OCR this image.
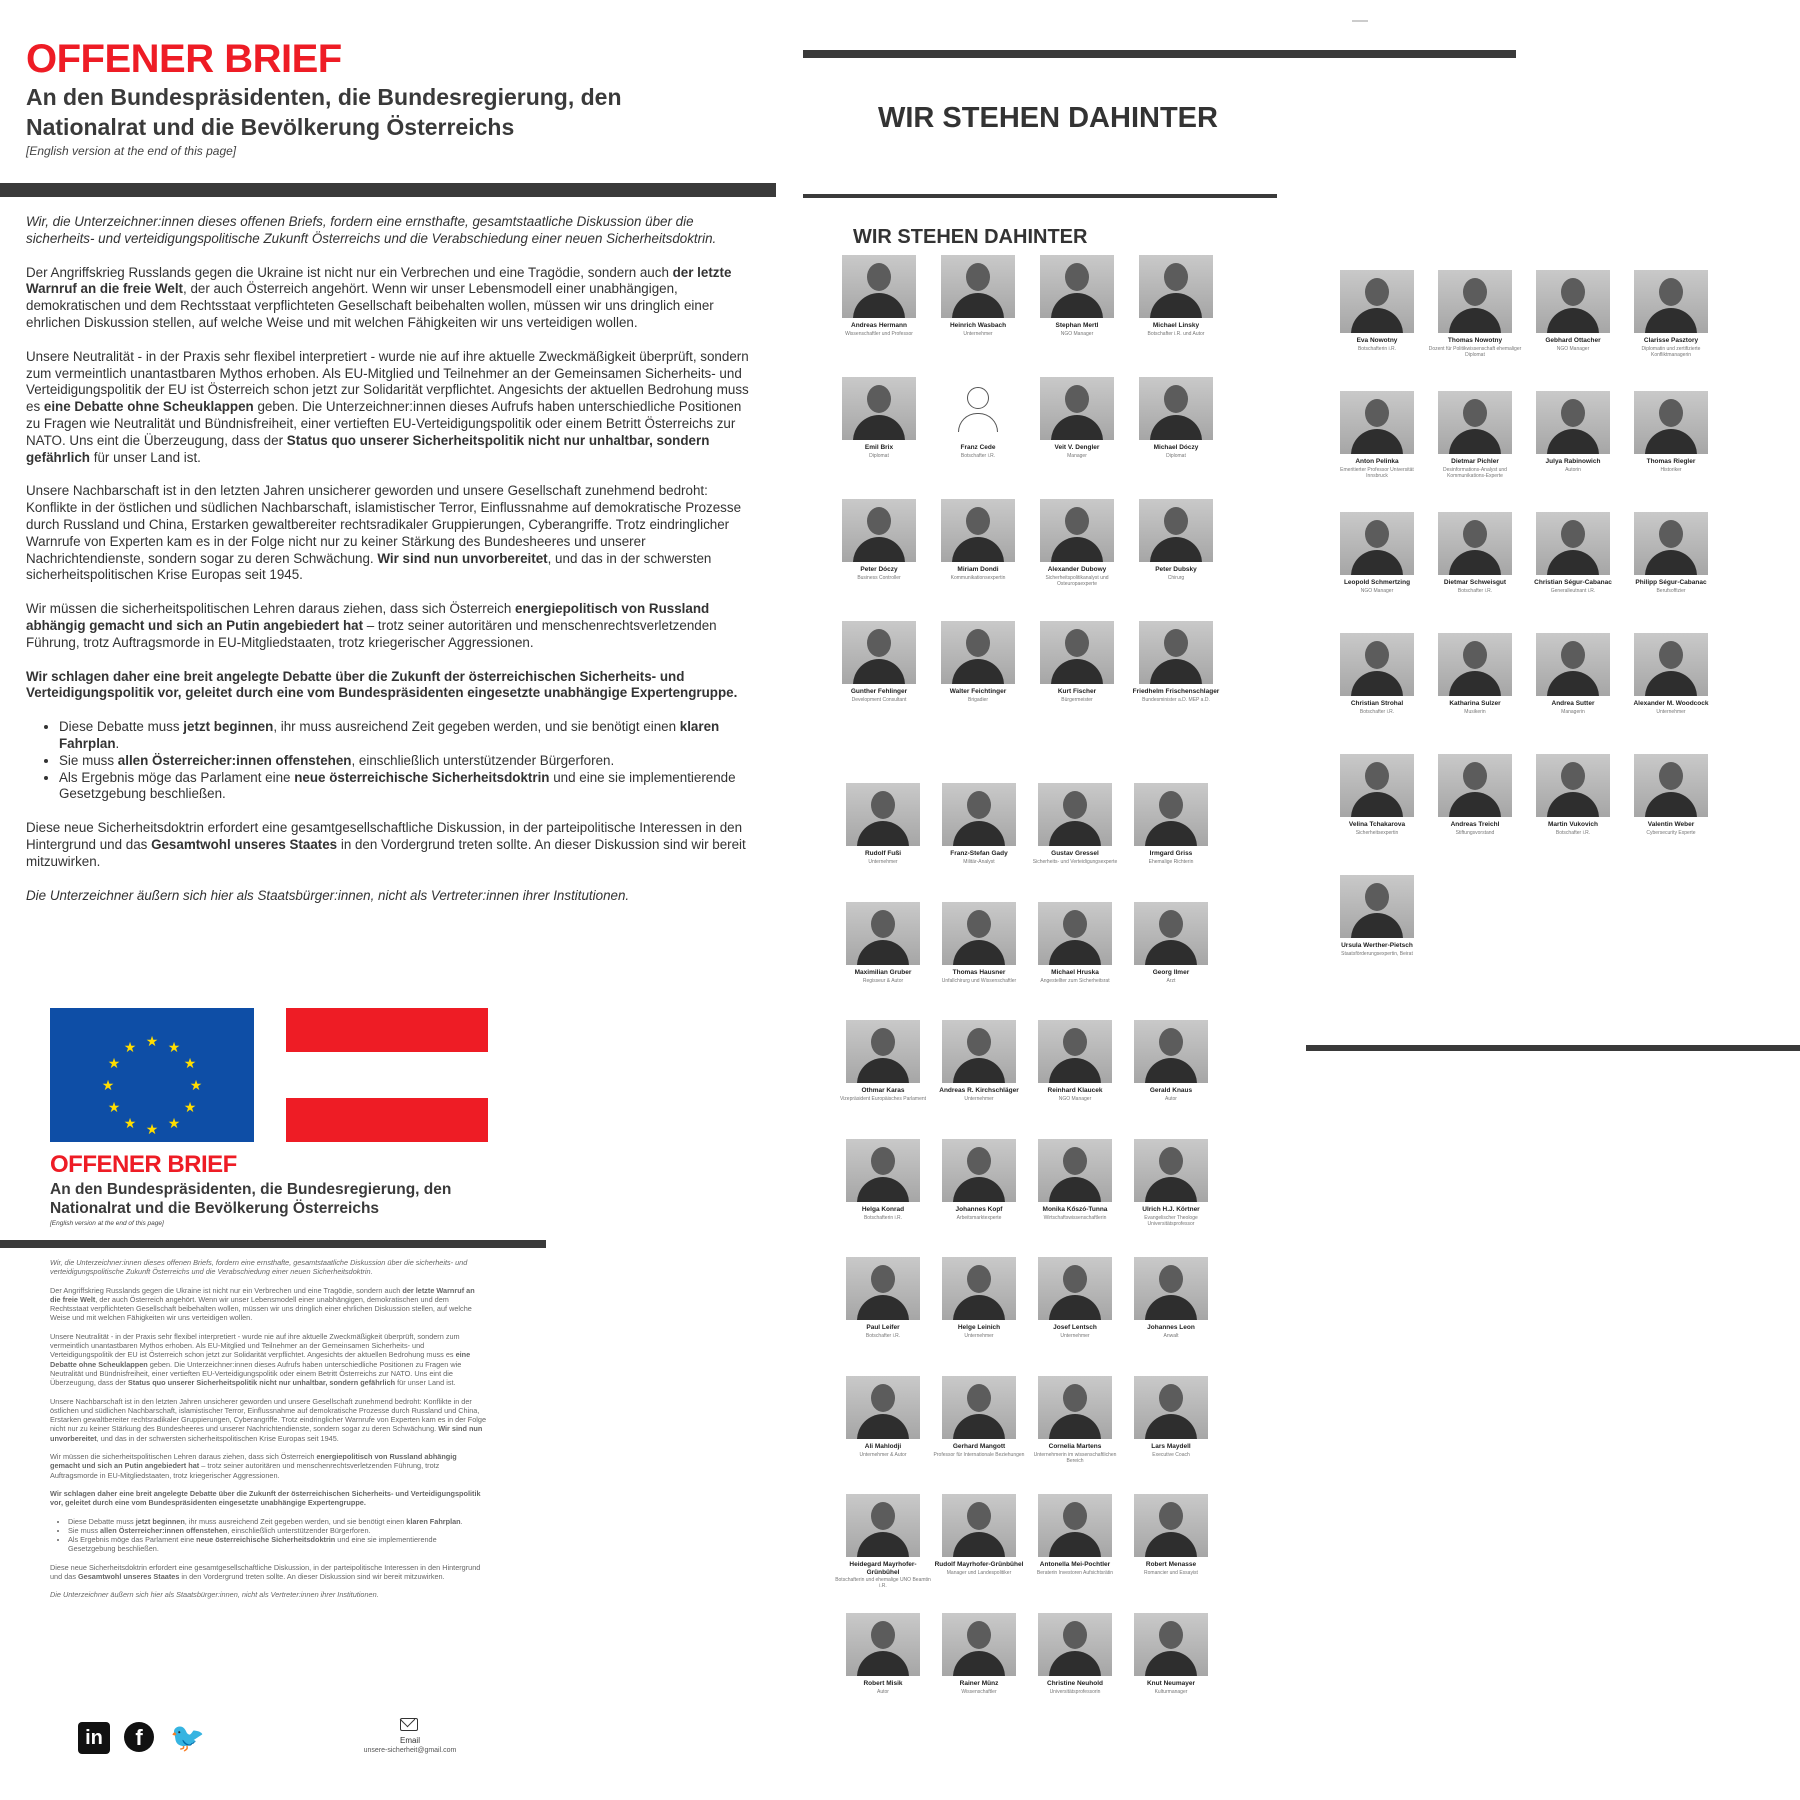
OFFENER BRIEF
An den Bundespräsidenten, die Bundesregierung, den
Nationalrat und die Bevölkerung Österreichs
[English version at the end of this page]

Wir, die Unterzeichner:innen dieses offenen Briefs, fordern eine ernsthafte, gesamtstaatliche Diskussion über die sicherheits- und verteidigungspolitische Zukunft Österreichs und die Verabschiedung einer neuen Sicherheitsdoktrin.

Der Angriffskrieg Russlands gegen die Ukraine ist nicht nur ein Verbrechen und eine Tragödie, sondern auch der letzte Warnruf an die freie Welt, der auch Österreich angehört. Wenn wir unser Lebensmodell einer unabhängigen, demokratischen und dem Rechtsstaat verpflichteten Gesellschaft beibehalten wollen, müssen wir uns dringlich einer ehrlichen Diskussion stellen, auf welche Weise und mit welchen Fähigkeiten wir uns verteidigen wollen.

Unsere Neutralität - in der Praxis sehr flexibel interpretiert - wurde nie auf ihre aktuelle Zweckmäßigkeit überprüft, sondern zum vermeintlich unantastbaren Mythos erhoben. Als EU-Mitglied und Teilnehmer an der Gemeinsamen Sicherheits- und Verteidigungspolitik der EU ist Österreich schon jetzt zur Solidarität verpflichtet. Angesichts der aktuellen Bedrohung muss es eine Debatte ohne Scheuklappen geben. Die Unterzeichner:innen dieses Aufrufs haben unterschiedliche Positionen zu Fragen wie Neutralität und Bündnisfreiheit, einer vertieften EU-Verteidigungspolitik oder einem Betritt Österreichs zur NATO. Uns eint die Überzeugung, dass der Status quo unserer Sicherheitspolitik nicht nur unhaltbar, sondern gefährlich für unser Land ist.

Unsere Nachbarschaft ist in den letzten Jahren unsicherer geworden und unsere Gesellschaft zunehmend bedroht: Konflikte in der östlichen und südlichen Nachbarschaft, islamistischer Terror, Einflussnahme auf demokratische Prozesse durch Russland und China, Erstarken gewaltbereiter rechtsradikaler Gruppierungen, Cyberangriffe. Trotz eindringlicher Warnrufe von Experten kam es in der Folge nicht nur zu keiner Stärkung des Bundesheeres und unserer Nachrichtendienste, sondern sogar zu deren Schwächung. Wir sind nun unvorbereitet, und das in der schwersten sicherheitspolitischen Krise Europas seit 1945.

Wir müssen die sicherheitspolitischen Lehren daraus ziehen, dass sich Österreich energiepolitisch von Russland abhängig gemacht und sich an Putin angebiedert hat – trotz seiner autoritären und menschenrechtsverletzenden Führung, trotz Auftragsmorde in EU-Mitgliedstaaten, trotz kriegerischer Aggressionen.

Wir schlagen daher eine breit angelegte Debatte über die Zukunft der österreichischen Sicherheits- und Verteidigungspolitik vor, geleitet durch eine vom Bundespräsidenten eingesetzte unabhängige Expertengruppe.

• Diese Debatte muss jetzt beginnen, ihr muss ausreichend Zeit gegeben werden, und sie benötigt einen klaren Fahrplan.
• Sie muss allen Österreicher:innen offenstehen, einschließlich unterstützender Bürgerforen.
• Als Ergebnis möge das Parlament eine neue österreichische Sicherheitsdoktrin und eine sie implementierende Gesetzgebung beschließen.

Diese neue Sicherheitsdoktrin erfordert eine gesamtgesellschaftliche Diskussion, in der parteipolitische Interessen in den Hintergrund und das Gesamtwohl unseres Staates in den Vordergrund treten sollte. An dieser Diskussion sind wir bereit mitzuwirken.

Die Unterzeichner äußern sich hier als Staatsbürger:innen, nicht als Vertreter:innen ihrer Institutionen.

★ ★
★
★
★
★
★
★
★
★
★
★
OFFENER BRIEF
An den Bundespräsidenten, die Bundesregierung, den
Nationalrat und die Bevölkerung Österreichs
[English version at the end of this page]

Wir, die Unterzeichner:innen dieses offenen Briefs, fordern eine ernsthafte, gesamtstaatliche Diskussion über die sicherheits- und verteidigungspolitische Zukunft Österreichs und die Verabschiedung einer neuen Sicherheitsdoktrin.

Der Angriffskrieg Russlands gegen die Ukraine ist nicht nur ein Verbrechen und eine Tragödie, sondern auch der letzte Warnruf an die freie Welt, der auch Österreich angehört. Wenn wir unser Lebensmodell einer unabhängigen, demokratischen und dem Rechtsstaat verpflichteten Gesellschaft beibehalten wollen, müssen wir uns dringlich einer ehrlichen Diskussion stellen, auf welche Weise und mit welchen Fähigkeiten wir uns verteidigen wollen.

Unsere Neutralität - in der Praxis sehr flexibel interpretiert - wurde nie auf ihre aktuelle Zweckmäßigkeit überprüft, sondern zum vermeintlich unantastbaren Mythos erhoben. Als EU-Mitglied und Teilnehmer an der Gemeinsamen Sicherheits- und Verteidigungspolitik der EU ist Österreich schon jetzt zur Solidarität verpflichtet. Angesichts der aktuellen Bedrohung muss es eine Debatte ohne Scheuklappen geben. Die Unterzeichner:innen dieses Aufrufs haben unterschiedliche Positionen zu Fragen wie Neutralität und Bündnisfreiheit, einer vertieften EU-Verteidigungspolitik oder einem Betritt Österreichs zur NATO. Uns eint die Überzeugung, dass der Status quo unserer Sicherheitspolitik nicht nur unhaltbar, sondern gefährlich für unser Land ist.

Unsere Nachbarschaft ist in den letzten Jahren unsicherer geworden und unsere Gesellschaft zunehmend bedroht: Konflikte in der östlichen und südlichen Nachbarschaft, islamistischer Terror, Einflussnahme auf demokratische Prozesse durch Russland und China, Erstarken gewaltbereiter rechtsradikaler Gruppierungen, Cyberangriffe. Trotz eindringlicher Warnrufe von Experten kam es in der Folge nicht nur zu keiner Stärkung des Bundesheeres und unserer Nachrichtendienste, sondern sogar zu deren Schwächung. Wir sind nun unvorbereitet, und das in der schwersten sicherheitspolitischen Krise Europas seit 1945.

Wir müssen die sicherheitspolitischen Lehren daraus ziehen, dass sich Österreich energiepolitisch von Russland abhängig gemacht und sich an Putin angebiedert hat – trotz seiner autoritären und menschenrechtsverletzenden Führung, trotz Auftragsmorde in EU-Mitgliedstaaten, trotz kriegerischer Aggressionen.

Wir schlagen daher eine breit angelegte Debatte über die Zukunft der österreichischen Sicherheits- und Verteidigungspolitik vor, geleitet durch eine vom Bundespräsidenten eingesetzte unabhängige Expertengruppe.

• Diese Debatte muss jetzt beginnen, ihr muss ausreichend Zeit gegeben werden, und sie benötigt einen klaren Fahrplan.
• Sie muss allen Österreicher:innen offenstehen, einschließlich unterstützender Bürgerforen.
• Als Ergebnis möge das Parlament eine neue österreichische Sicherheitsdoktrin und eine sie implementierende Gesetzgebung beschließen.

Diese neue Sicherheitsdoktrin erfordert eine gesamtgesellschaftliche Diskussion, in der parteipolitische Interessen in den Hintergrund und das Gesamtwohl unseres Staates in den Vordergrund treten sollte. An dieser Diskussion sind wir bereit mitzuwirken.

Die Unterzeichner äußern sich hier als Staatsbürger:innen, nicht als Vertreter:innen ihrer Institutionen.

in	f 🐦	Email
unsere-sicherheit@gmail.com
WIR STEHEN DAHINTER
WIR STEHEN DAHINTER
Andreas Hermann
Wissenschaftler und Professor
Heinrich Wasbach
Unternehmer
Stephan Mertl
NGO Manager
Michael Linsky
Botschafter i.R. und Autor
Emil Brix
Diplomat
Franz Cede
Botschafter i.R.
Veit V. Dengler
Manager
Michael Dóczy
Diplomat
Peter Dóczy
Business Controller
Miriam Dondi
Kommunikationsexpertin
Alexander Dubowy
Sicherheitspolitikanalyst und Osteuropaexperte
Peter Dubsky
Chirurg
Gunther Fehlinger
Development Consultant
Walter Feichtinger
Brigadier
Kurt Fischer
Bürgermeister
Friedhelm Frischenschlager
Bundesminister a.D. MEP a.D.
Rudolf Fußi
Unternehmer
Franz-Stefan Gady
Militär-Analyst
Gustav Gressel
Sicherheits- und Verteidigungsexperte
Irmgard Griss
Ehemalige Richterin
Maximilian Gruber
Regisseur & Autor
Thomas Hausner
Unfallchirurg und Wissenschaftler
Michael Hruska
Angestellter zum Sicherheitsrat
Georg Ilmer
Arzt
Othmar Karas
Vizepräsident Europäisches Parlament
Andreas R. Kirchschläger
Unternehmer
Reinhard Klaucek
NGO Manager
Gerald Knaus
Autor
Helga Konrad
Botschafterin i.R.
Johannes Kopf
Arbeitsmarktexperte
Monika Kőszó-Tunna
Wirtschaftswissenschaftlerin
Ulrich H.J. Körtner
Evangelischer Theologe Universitätsprofessor
Paul Leifer
Botschafter i.R.
Helge Leinich
Unternehmer
Josef Lentsch
Unternehmer
Johannes Leon
Anwalt
Ali Mahlodji
Unternehmer & Autor
Gerhard Mangott
Professor für Internationale Beziehungen
Cornelia Martens
Unternehmerin im wissenschaftlichen Bereich
Lars Maydell
Executive Coach
Heidegard Mayrhofer-Grünbühel
Botschafterin und ehemalige UNO Beamtin i.R.
Rudolf Mayrhofer-Grünbühel
Manager und Landespolitiker
Antonella Mei-Pochtler
Beraterin Investoren Aufsichtsrätin
Robert Menasse
Romancier und Essayist
Robert Misik
Autor
Rainer Münz
Wissenschaftler
Christine Neuhold
Universitätsprofessorin
Knut Neumayer
Kulturmanager
Eva Nowotny
Botschafterin i.R.
Thomas Nowotny
Dozent für Politikwissenschaft ehemaliger Diplomat
Gebhard Ottacher
NGO Manager
Clarisse Pasztory
Diplomatin und zertifizierte Konfliktmanagerin
Anton Pelinka
Emeritierter Professor Universität Innsbruck
Dietmar Pichler
Desinformations-Analyst und Kommunikations-Experte
Julya Rabinowich
Autorin
Thomas Riegler
Historiker
Leopold Schmertzing
NGO Manager
Dietmar Schweisgut
Botschafter i.R.
Christian Ségur-Cabanac
Generalleutnant i.R.
Philipp Ségur-Cabanac
Berufsoffizier
Christian Strohal
Botschafter i.R.
Katharina Sulzer
Musikerin
Andrea Sutter
Managerin
Alexander M. Woodcock
Unternehmer
Velina Tchakarova
Sicherheitsexpertin
Andreas Treichl
Stiftungsvorstand
Martin Vukovich
Botschafter i.R.
Valentin Weber
Cybersecurity Experte
Ursula Werther-Pietsch
Staatsförderungsexpertin, Beirat
